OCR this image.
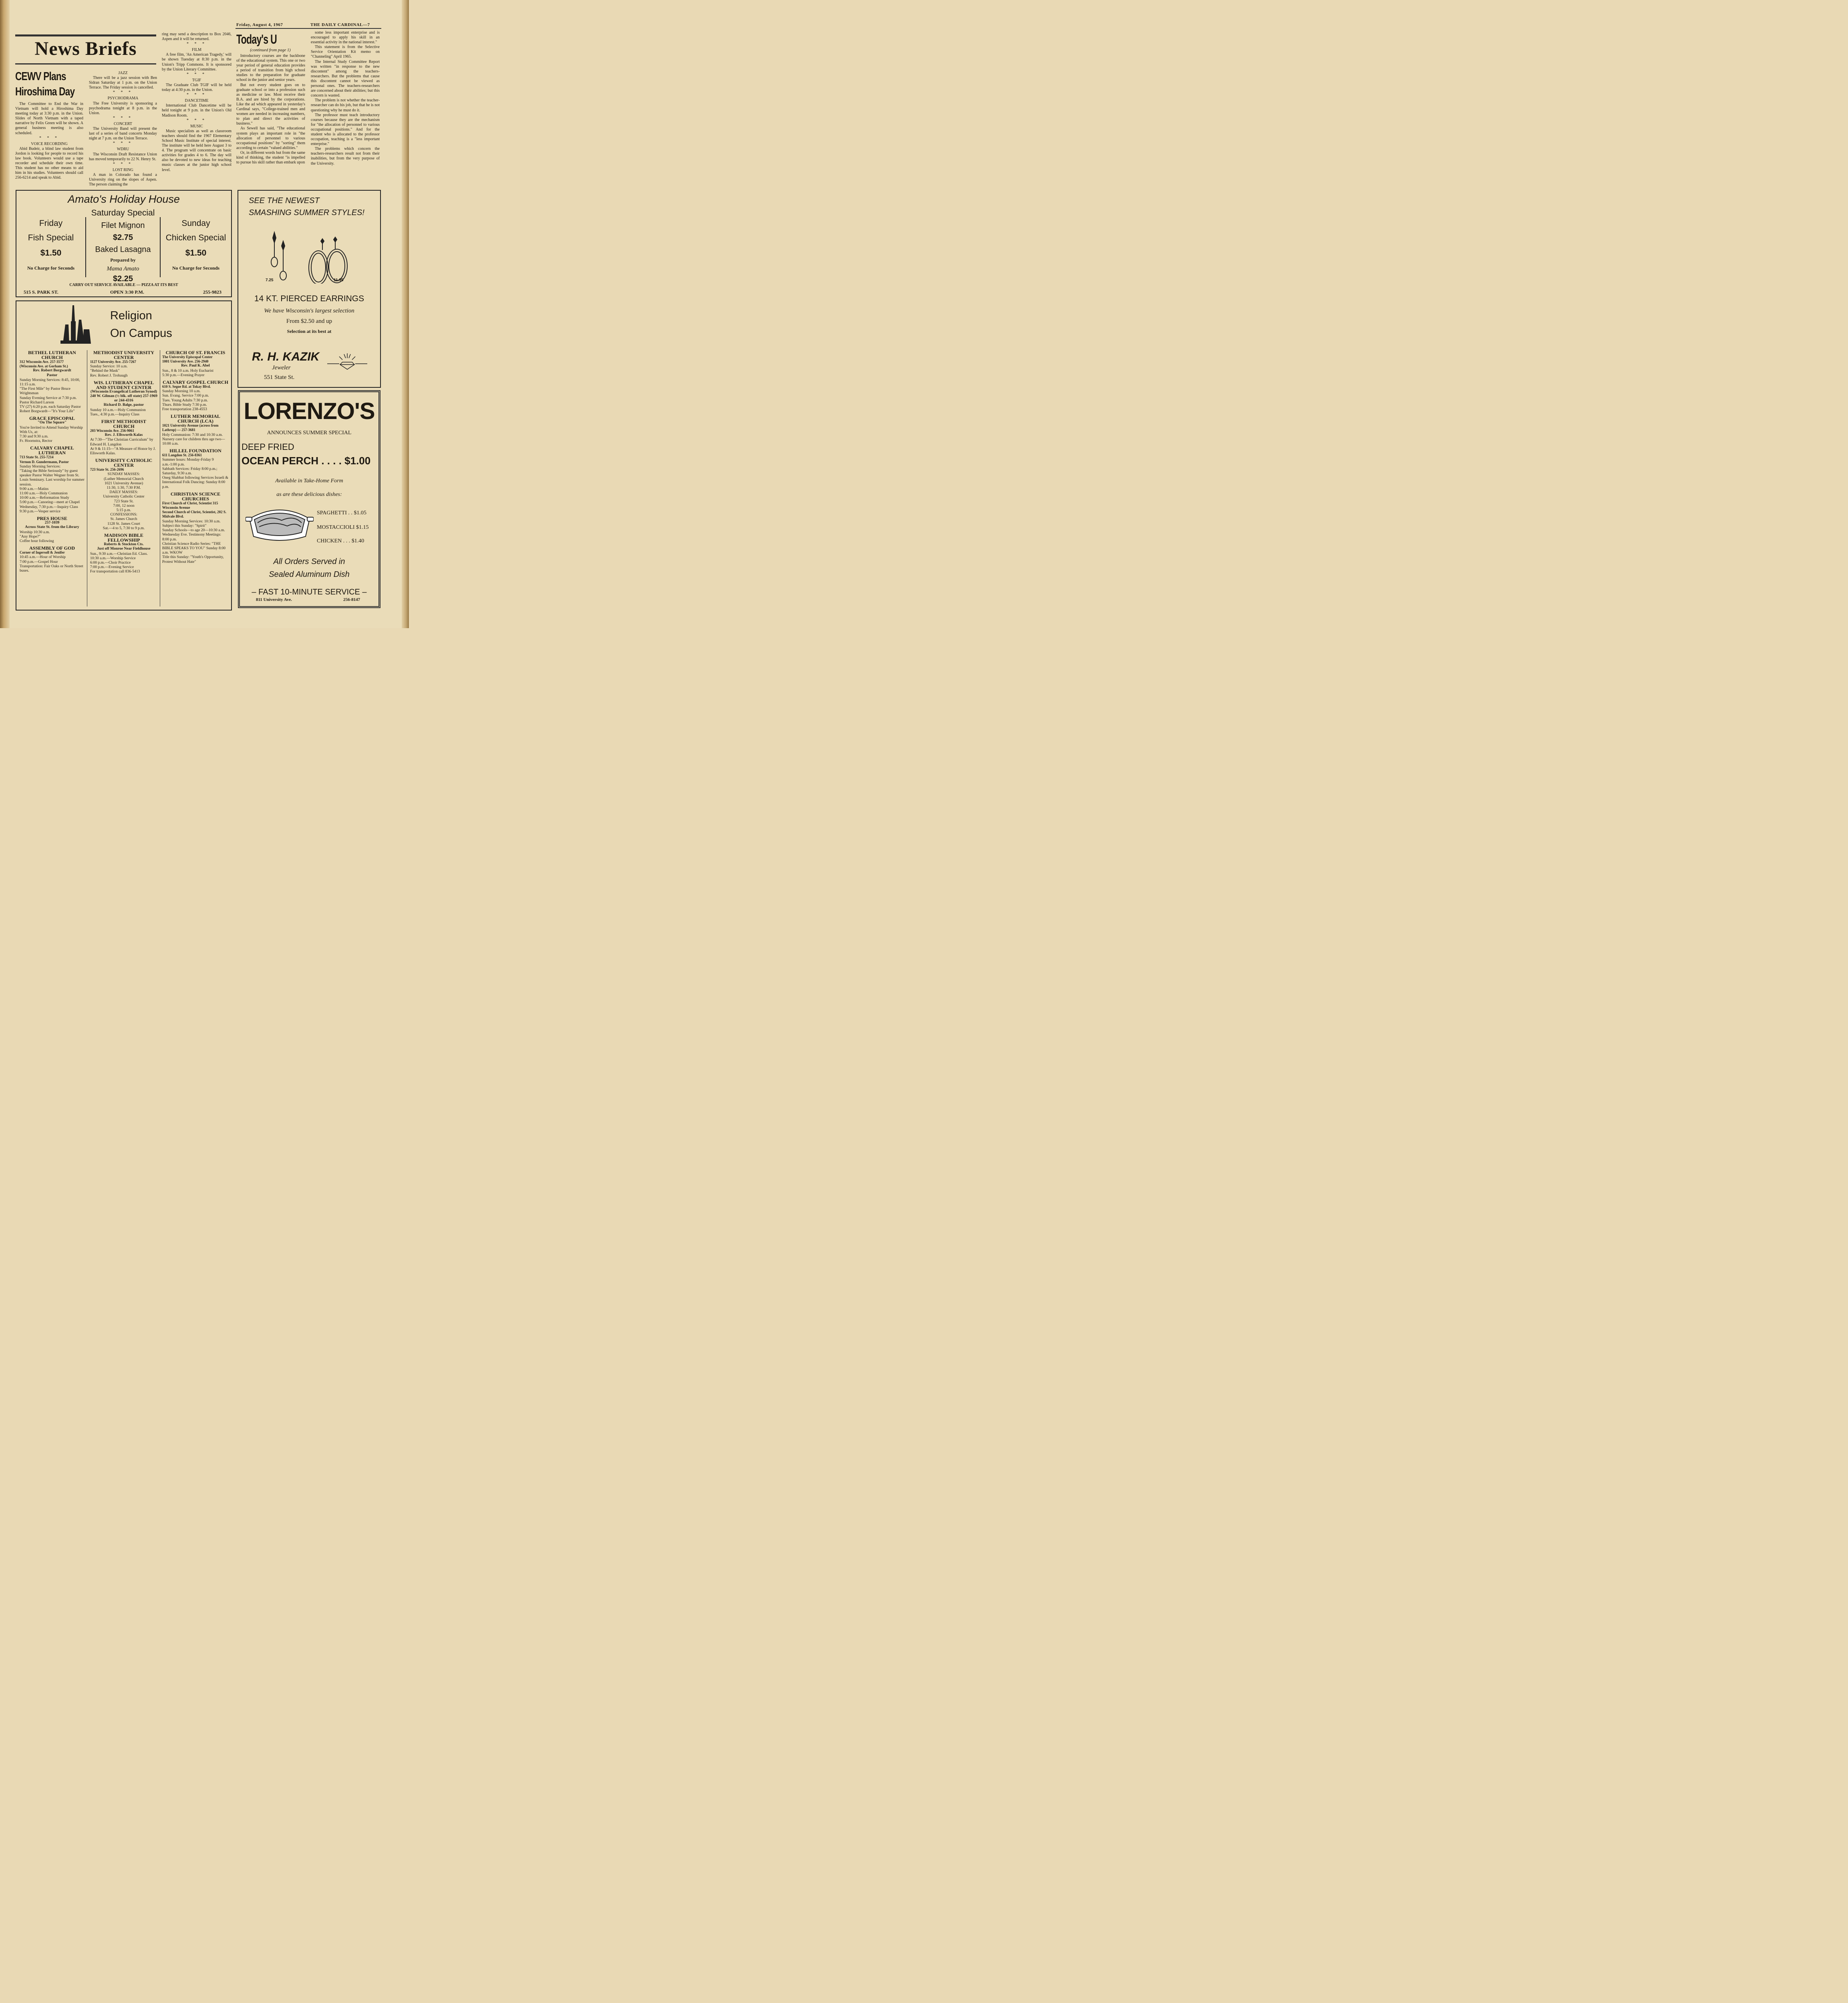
Friday, August 4, 1967	THE DAILY CARDINAL—7
News Briefs
CEWV Plans Hiroshima Day

The Committee to End the War in Vietnam will hold a Hiroshima Day meeting today at 3:30 p.m. in the Union. Slides of North Vietnam with a taped narrative by Felix Green will be shown. A general business meeting is also scheduled.

* * *
VOICE RECORDING

Abid Budeir, a blind law student from Jordon is looking for people to record his law book. Volunteers would use a tape recorder and schedule their own time. This student has no other means to aid him in his studies. Volunteers should call 256-6214 and speak to Abid.

JAZZ

There will be a jazz session with Ben Sidran Saturday at 1 p.m. on the Union Terrace. The Friday session is cancelled.

* * *
PSYCHODRAMA

The Free University is sponsoring a psychodrama tonight at 8 p.m. in the Union.

* * *
CONCERT

The University Band will present the last of a series of band concerts Monday night at 7 p.m. on the Union Terrace.

* * *
WDRU

The Wisconsin Draft Resistance Union has moved temporarily to 22 N. Henry St.

* * *
LOST RING

A man in Colorado has found a University ring on the slopes of Aspen. The person claiming the

ring may send a description to Box 2046, Aspen and it will be returned.

* * *
FILM

A free film, 'An American Tragedy,' will be shown Tuesday at 8:30 p.m. in the Union's Tripp Commons. It is sponsored by the Union Literary Committee.

* * *
TGIF

The Graduate Club TGIF will be held today at 4:30 p.m. in the Union.

* * *
DANCETIME

International Club Dancetime will be held tonight at 9 p.m. in the Union's Old Madison Room.

* * *
MUSIC

Music specialists as well as classroom teachers should find the 1967 Elementary School Music Institute of special interest. The institute will be held here August 3 to 4. The program will concentrate on basic activities for grades 4 to 6. The day will also be devoted to new ideas for teaching music classes at the junior high school level.

Today's U
(continued from page 1)

Introductory courses are the backbone of the educational system. This one or two year period of general education provides a period of transition from high school studies to the preparation for graduate school in the junior and senior years.

But not every student goes on to graduate school or into a profession such as medicine or law. Most receive their B.A. and are hired by the corporations. Like the ad which appeared in yesterday's Cardinal says, "College-trained men and women are needed in increasing numbers, to plan and direct the activities of business."

As Sewell has said, "The educational system plays an important role in "the allocation of personnel to various occupational positions" by "sorting" them according to certain "valued abilities."

Or, in different words but from the same kind of thinking, the student "is impelled to pursue his skill rather than embark upon

some less important enterprise and is encouraged to apply his skill in an essential activity in the national interest."

This statement is from the Selective Service Orientation Kit memo on "Channeling" April 1965.

The Internal Study Committee Report was written "in response to the new discontent" among the teachers-researchers. But the problems that cause this discontent cannot be viewed as personal ones. The teachers-researchers are concerned about their abilities; but this concern is wasted.

The problem is not whether the teacher-researcher can do his job, but that he is not questioning why he must do it.

The professor must teach introductory courses because they are the mechanism for "the allocation of personnel to various occupational positions." And for the student who is allocated to the professor occupation, teaching is a "less important enterprise."

The problems which concern the teachers-researchers result not from their inabilities, but from the very purpose of the University.

Amato's Holiday House
Friday
Fish Special
$1.50
No Charge for Seconds
Saturday Special
Filet Mignon
$2.75
Baked Lasagna
Prepared by
Mama Amato
$2.25
Sunday
Chicken Special
$1.50
No Charge for Seconds
CARRY OUT SERVICE AVAILABLE — PIZZA AT ITS BEST
515 S. PARK ST.	OPEN 3:30 P.M.	255-9823
SEE THE NEWEST
SMASHING SUMMER STYLES!
7.25	11.95
14 KT. PIERCED EARRINGS
We have Wisconsin's largest selection
From $2.50 and up
Selection at its best at
R. H. KAZIK
Jeweler
551 State St.
Religion
On Campus
BETHEL LUTHERAN CHURCH
312 Wisconsin Ave. 257-3577
(Wisconsin Ave. at Gorham St.)
Rev. Robert Borgwardt
Pastor
Sunday Morning Services: 8:45, 10:00, 11:15 a.m.
"The First Mile" by Pastor Bruce Wrightsman
Sunday Evening Service at 7:30 p.m.
Pastor Richard Larson
TV (27) 6:20 p.m. each Saturday Pastor Robert Borgwardt—"It's Your Life"
GRACE EPISCOPAL
"On The Square"
You're Invited to Attend Sunday Worship With Us, at:
7:30 and 9:30 a.m.
Fr. Hoornstra, Rector
CALVARY CHAPEL LUTHERAN
713 State St. 255-7214
Vernon D. Gundermann, Pastor
Sunday Morning Services:
"Taking the Bible Seriously" by guest speaker Pastor Walter Wegner from St. Louis Seminary. Last worship for summer session.
9:00 a.m.—Matins
11:00 a.m.—Holy Communion
10:00 a.m.—Reformation Study
5:00 p.m.—Canoeing—meet at Chapel
Wednesday, 7:30 p.m.—Inquiry Class
9:30 p.m.—Vesper service
PRES HOUSE
257-1039
Across State St. from the Library
Worship 10:30 a.m.
"Any Hope?"
Coffee hour following
ASSEMBLY OF GOD
Corner of Ingersoll & Jenifer
10:45 a.m.—Hour of Worship
7:00 p.m.—Gospel Hour
Transportation: Fair Oaks or North Street buses.
METHODIST UNIVERSITY CENTER
1127 University Ave. 255-7267
Sunday Service: 10 a.m.
"Behind the Mask"
Rev. Robert J. Trobaugh
WIS. LUTHERAN CHAPEL AND STUDENT CENTER
(Wisconsin Evangelical Lutheran Synod)
240 W. Gilman (½ blk. off state) 257-1969 or 244-4316
Richard D. Balge, pastor
Sunday 10 a.m.—Holy Communion
Tues., 4:30 p.m.—Inquiry Class
FIRST METHODIST CHURCH
203 Wisconsin Ave. 256-9061
Rev. J. Ellsworth Kalas
At 7:30—"The Christian Curriculum" by Edward H. Langdon
At 9 & 11:15—"A Measure of Honor by J. Ellsworth Kalas.
UNIVERSITY CATHOLIC CENTER
723 State St. 256-2696
SUNDAY MASSES:
(Luther Memorial Church
1021 University Avenue)
11:30, 1:30, 7:30 P.M.
DAILY MASSES:
University Catholic Center
723 State St.
7:00, 12 noon
5:15 p.m.
CONFESSIONS:
St. James Church
1128 St. James Court
Sat.—4 to 5, 7:30 to 9 p.m.
MADISON BIBLE FELLOWSHIP
Roberts & Stockton Cts.
Just off Monroe Near Fieldhouse
Sun., 9:30 a.m.—Christian Ed. Class.
10:30 a.m.—Worship Service
6:00 p.m.—Choir Practice
7:00 p.m.—Evening Service
For transportation call 836-5413
CHURCH OF ST. FRANCIS
The University Episcopal Center
1001 University Ave. 256-2940
Rev. Paul K. Abel
Sun., 8 & 10 a.m. Holy Eucharist
5:30 p.m.—Evening Prayer
CALVARY GOSPEL CHURCH
610 S. Segoe Rd. at Tokay Blvd.
Sunday Morning 10 a.m.
Sun. Evang. Service 7:00 p.m.
Tues. Young Adults 7:30 p.m.
Thurs. Bible Study 7:30 p.m.
Free transportation 238-4553
LUTHER MEMORIAL CHURCH (LCA)
1021 University Avenue (across from Lathrop) — 257-3681
Holy Communion: 7:30 and 10:30 a.m.
Nursery care for children thru age two—10:00 a.m.
HILLEL FOUNDATION
611 Langdon St. 256-8361
Summer hours: Monday-Friday 9 a.m.-1:00 p.m.
Sabbath Services: Friday 8:00 p.m.; Saturday, 9:30 a.m.
Oneg Shabbat following Services Israeli & International Folk Dancing: Sunday 8:00 p.m.
CHRISTIAN SCIENCE CHURCHES
First Church of Christ, Scientist 315 Wisconsin Avenue
Second Church of Christ, Scientist, 202 S. Midvale Blvd.
Sunday Morning Services: 10:30 a.m.
Subject this Sunday: "Spirit"
Sunday Schools—to age 20—10:30 a.m.
Wednesday Eve. Testimony Meetings: 8:00 p.m.
Christian Science Radio Series: "THE BIBLE SPEAKS TO YOU" Sunday 8:00 a.m. WKOW
Title this Sunday: "Youth's Opportunity, Protest Without Hate"
LORENZO'S
ANNOUNCES SUMMER SPECIAL
DEEP FRIED
OCEAN PERCH . . . . $1.00
Available in Take-Home Form
as are these delicious dishes:
SPAGHETTI . . $1.05
MOSTACCIOLI $1.15
CHICKEN . . . $1.40
All Orders Served in
Sealed Aluminum Dish
– FAST 10-MINUTE SERVICE –
811 University Ave.	256-8147
